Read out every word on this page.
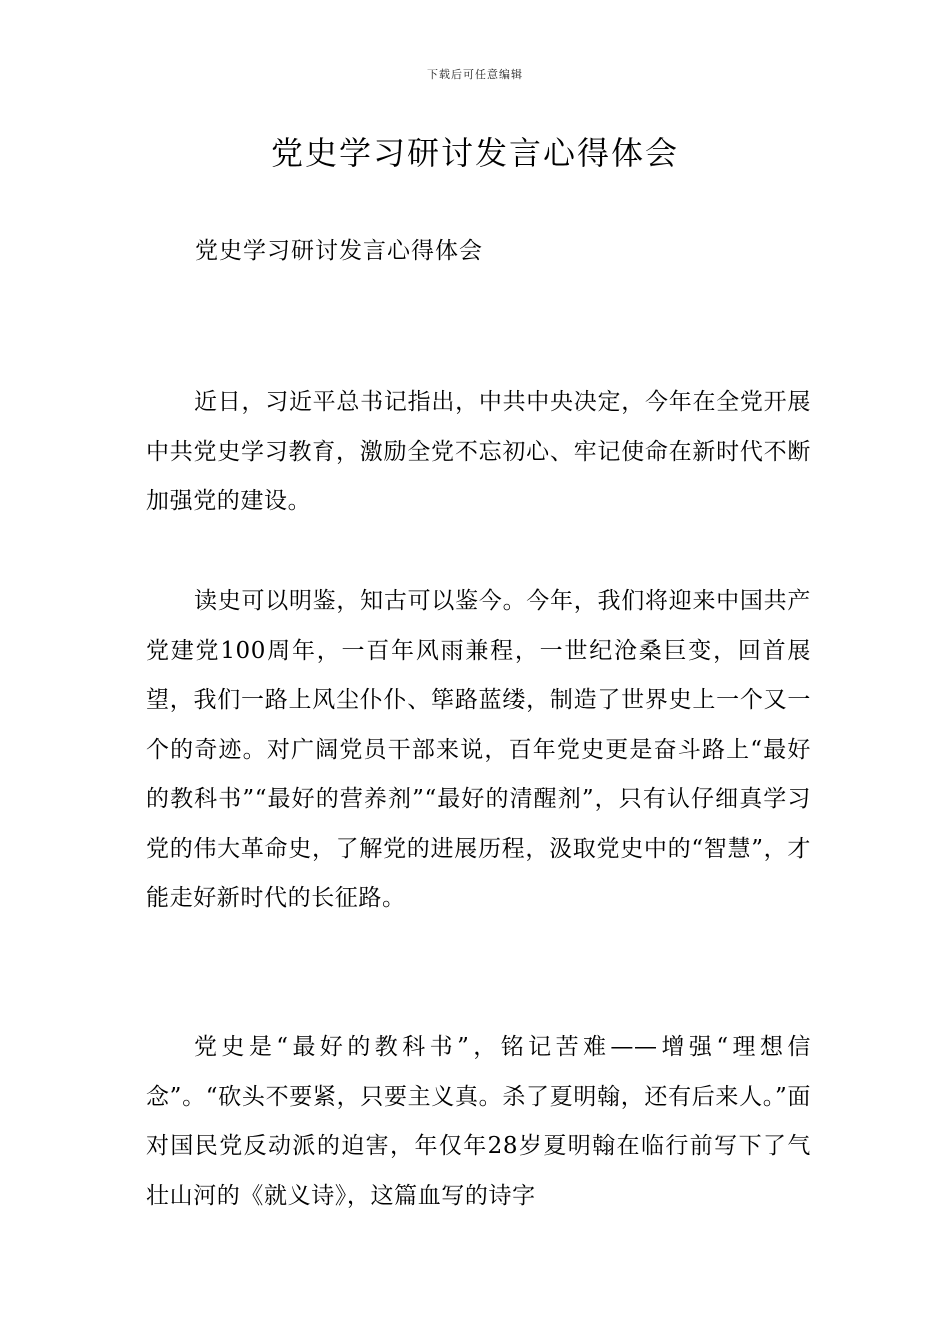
下载后可任意编辑
党史学习研讨发言心得体会

党史学习研讨发言心得体会

近日，习近平总书记指出，中共中央决定，今年在全党开展中共党史学习教育，激励全党不忘初心、牢记使命在新时代不断加强党的建设。

读史可以明鉴，知古可以鉴今。今年，我们将迎来中国共产党建党100周年，一百年风雨兼程，一世纪沧桑巨变，回首展望，我们一路上风尘仆仆、筚路蓝缕，制造了世界史上一个又一个的奇迹。对广阔党员干部来说，百年党史更是奋斗路上“最好的教科书”“最好的营养剂”“最好的清醒剂”，只有认仔细真学习党的伟大革命史，了解党的进展历程，汲取党史中的“智慧”，才能走好新时代的长征路。

党史是“最好的教科书”，铭记苦难——增强“理想信念”。“砍头不要紧，只要主义真。杀了夏明翰，还有后来人。”面对国民党反动派的迫害，年仅年28岁夏明翰在临行前写下了气壮山河的《就义诗》，这篇血写的诗字
